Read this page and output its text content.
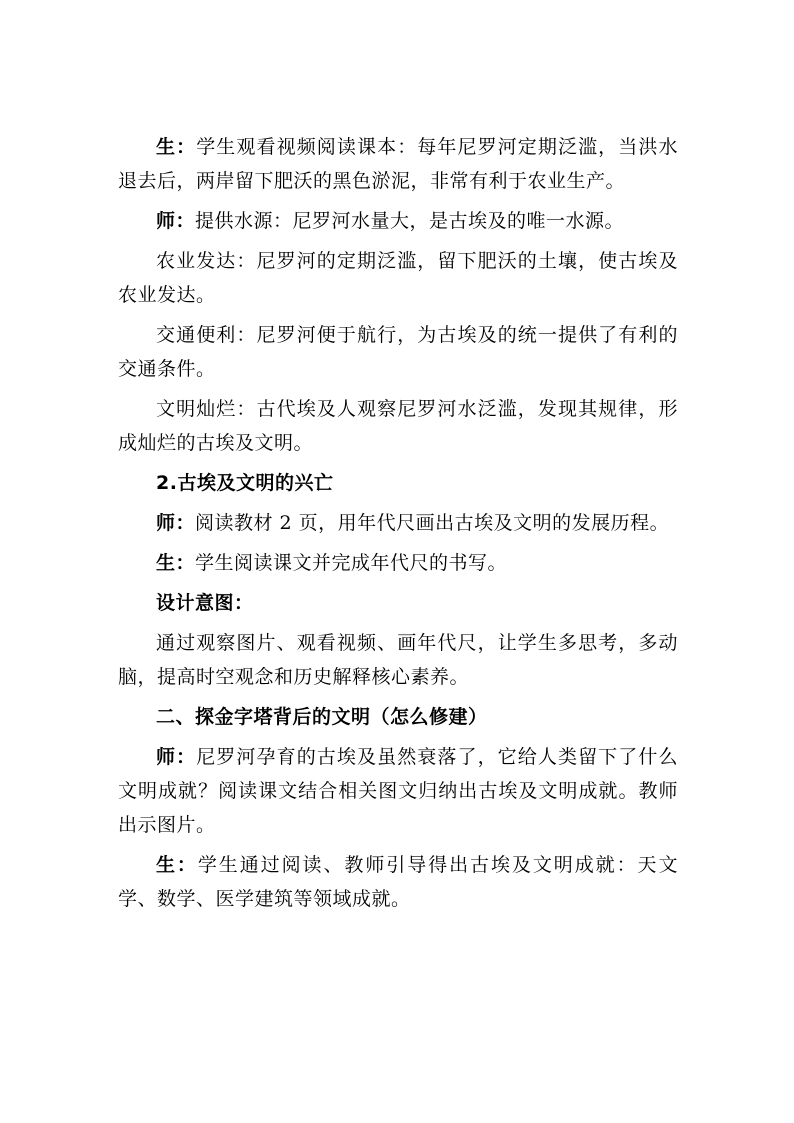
生：学生观看视频阅读课本：每年尼罗河定期泛滥，当洪水退去后，两岸留下肥沃的黑色淤泥，非常有利于农业生产。

师：提供水源：尼罗河水量大，是古埃及的唯一水源。

农业发达：尼罗河的定期泛滥，留下肥沃的土壤，使古埃及农业发达。

交通便利：尼罗河便于航行，为古埃及的统一提供了有利的交通条件。

文明灿烂：古代埃及人观察尼罗河水泛滥，发现其规律，形成灿烂的古埃及文明。

2.古埃及文明的兴亡

师：阅读教材 2 页，用年代尺画出古埃及文明的发展历程。

生：学生阅读课文并完成年代尺的书写。

设计意图：

通过观察图片、观看视频、画年代尺，让学生多思考，多动脑，提高时空观念和历史解释核心素养。

二、探金字塔背后的文明（怎么修建）

师：尼罗河孕育的古埃及虽然衰落了，它给人类留下了什么文明成就？阅读课文结合相关图文归纳出古埃及文明成就。教师出示图片。

生：学生通过阅读、教师引导得出古埃及文明成就：天文学、数学、医学建筑等领域成就。
